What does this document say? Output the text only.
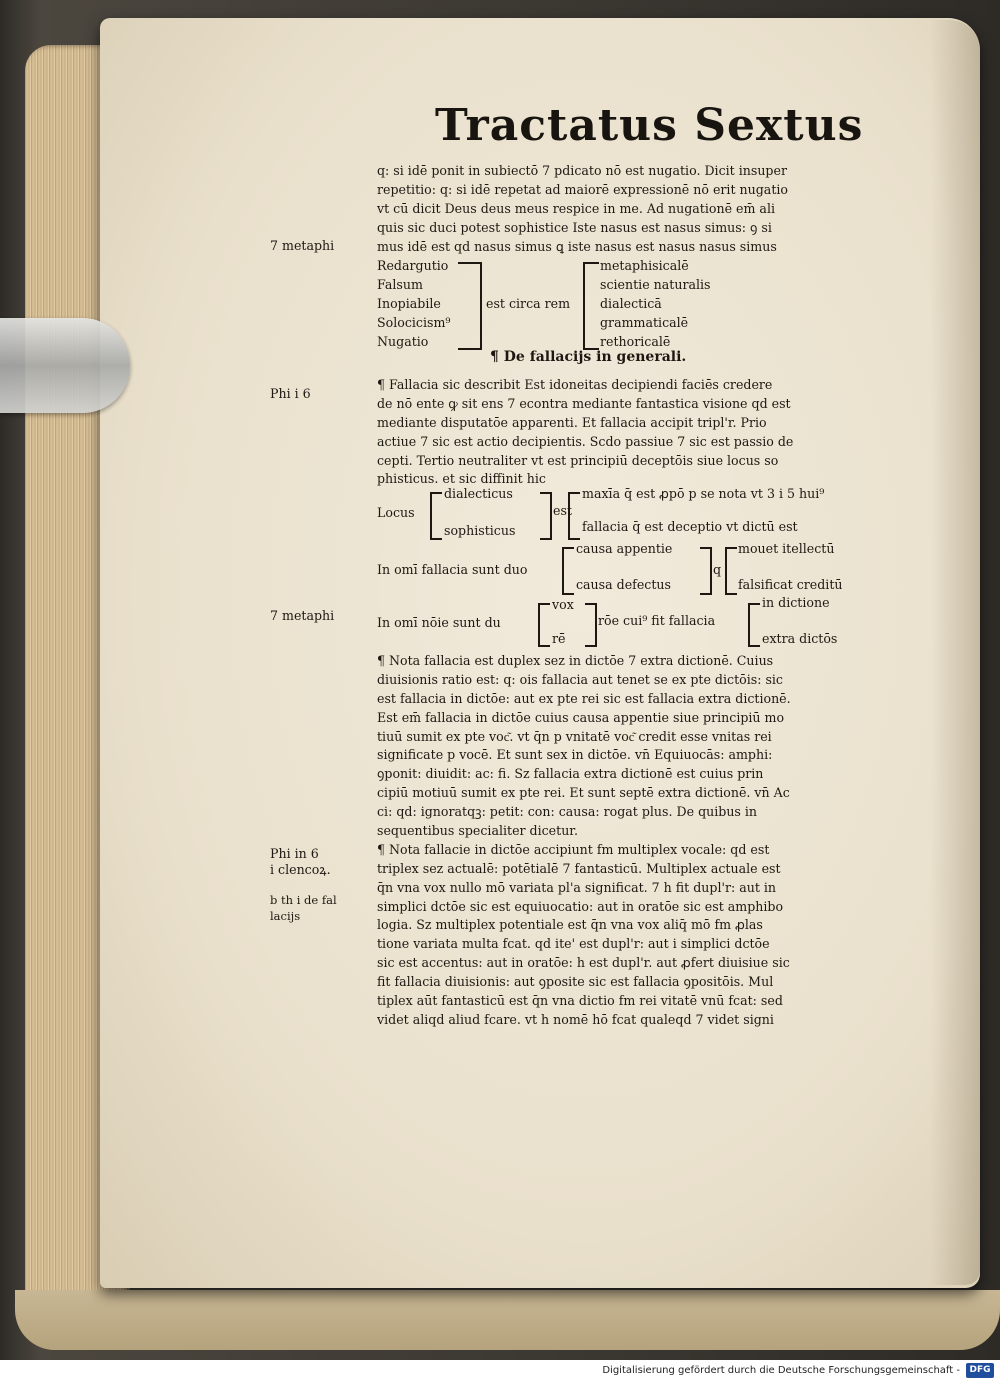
Tractatus Sextus
q: si idē ponit in subiectō 7 pdicato nō est nugatio. Dicit insuper
repetitio: q: si idē repetat ad maiorē expressionē nō erit nugatio
vt cū dicit Deus deus meus respice in me. Ad nugationē em̄ ali
quis sic duci potest sophistice Iste nasus est nasus simus: ꝯ si
mus idē est qd nasus simus ꝗ iste nasus est nasus nasus simus
Redargutio
Falsum
Inopiabile
Solocicism⁹
Nugatio
est circa rem
metaphisicalē
scientie naturalis
dialecticā
grammaticalē
rethoricalē
¶ De fallacijs in generali.
¶ Fallacia sic describit Est idoneitas decipiendi faciēs credere
de nō ente ꝙ sit ens 7 econtra mediante fantastica visione qd est
mediante disputatōe apparenti. Et fallacia accipit tripl'r. Prio
actiue 7 sic est actio decipientis. Scdo passiue 7 sic est passio de
cepti. Tertio neutraliter vt est principiū deceptōis siue locus so
phisticus. et sic diffinit hic
Locus
dialecticus
sophisticus
est
maxīa q̄ est ꝓpō p se nota vt 3 i 5 hui⁹
fallacia q̄ est deceptio vt dictū est
In omī fallacia sunt duo
causa appentie
causa defectus
q
mouet itellectū
falsificat creditū
In omī nōie sunt du
vox
rē̄
rōe cui⁹ fit fallacia
in dictione
extra dictōs
¶ Nota fallacia est duplex sez in dictōe 7 extra dictionē. Cuius
diuisionis ratio est: q: ois fallacia aut tenet se ex pte dictōis: sic
est fallacia in dictōe: aut ex pte rei sic est fallacia extra dictionē.
Est em̄ fallacia in dictōe cuius causa appentie siue principiū mo
tiuū sumit ex pte voc͂. vt q̄n p vnitatē voc͂ credit esse vnitas rei
significate p vocē. Et sunt sex in dictōe. vn̄ Equiuocās: amphi:
ꝯponit: diuidit: ac: fi. Sz fallacia extra dictionē est cuius prin
cipiū motiuū sumit ex pte rei. Et sunt septē extra dictionē. vn̄ Ac
ci: qd: ignoratqꝫ: petit: con: causa: rogat plus. De quibus in
sequentibus specialiter dicetur.
¶ Nota fallacie in dictōe accipiunt fm multiplex vocale: qd est
triplex sez actualē: potētialē 7 fantasticū. Multiplex actuale est
q̄n vna vox nullo mō variata pl'a significat. 7 h fit dupl'r: aut in
simplici dctōe sic est equiuocatio: aut in oratōe sic est amphibo
logia. Sz multiplex potentiale est q̄n vna vox aliq̄ mō fm ꝓlas
tione variata multa fcat. qd ite' est dupl'r: aut i simplici dctōe
sic est accentus: aut in oratōe: h est dupl'r. aut ꝓfert diuisiue sic
fit fallacia diuisionis: aut ꝯposite sic est fallacia ꝯpositōis. Mul
tiplex aūt fantasticū est q̄n vna dictio fm rei vitatē vnū fcat: sed
videt aliqd aliud fcare. vt h nomē hō fcat qualeqd 7 videt signi
7 metaphi
Phi i 6
7 metaphi
Phi in 6
i clencoꝝ.
b th i de fal
lacijs
Digitalisierung gefördert durch die Deutsche Forschungsgemeinschaft -	DFG
